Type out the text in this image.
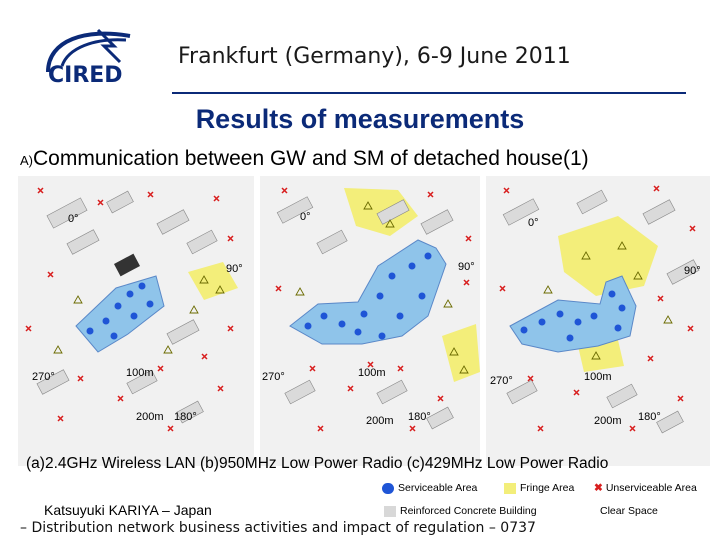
CIRED
Frankfurt (Germany), 6-9 June 2011
Results of measurements
A)Communication between GW and SM of detached house(1)
0°
90°
180°
270°	100m
200m
0°
90°
180°
270°	100m
200m
0°
90°
180°
270°	100m
200m
(a)2.4GHz Wireless LAN (b)950MHz Low Power Radio (c)429MHz Low Power Radio
Serviceable Area	Fringe Area ✖ Unserviceable Area
Reinforced Concrete Building	Clear Space
Katsuyuki KARIYA – Japan
– Distribution network business activities and impact of regulation – 0737
